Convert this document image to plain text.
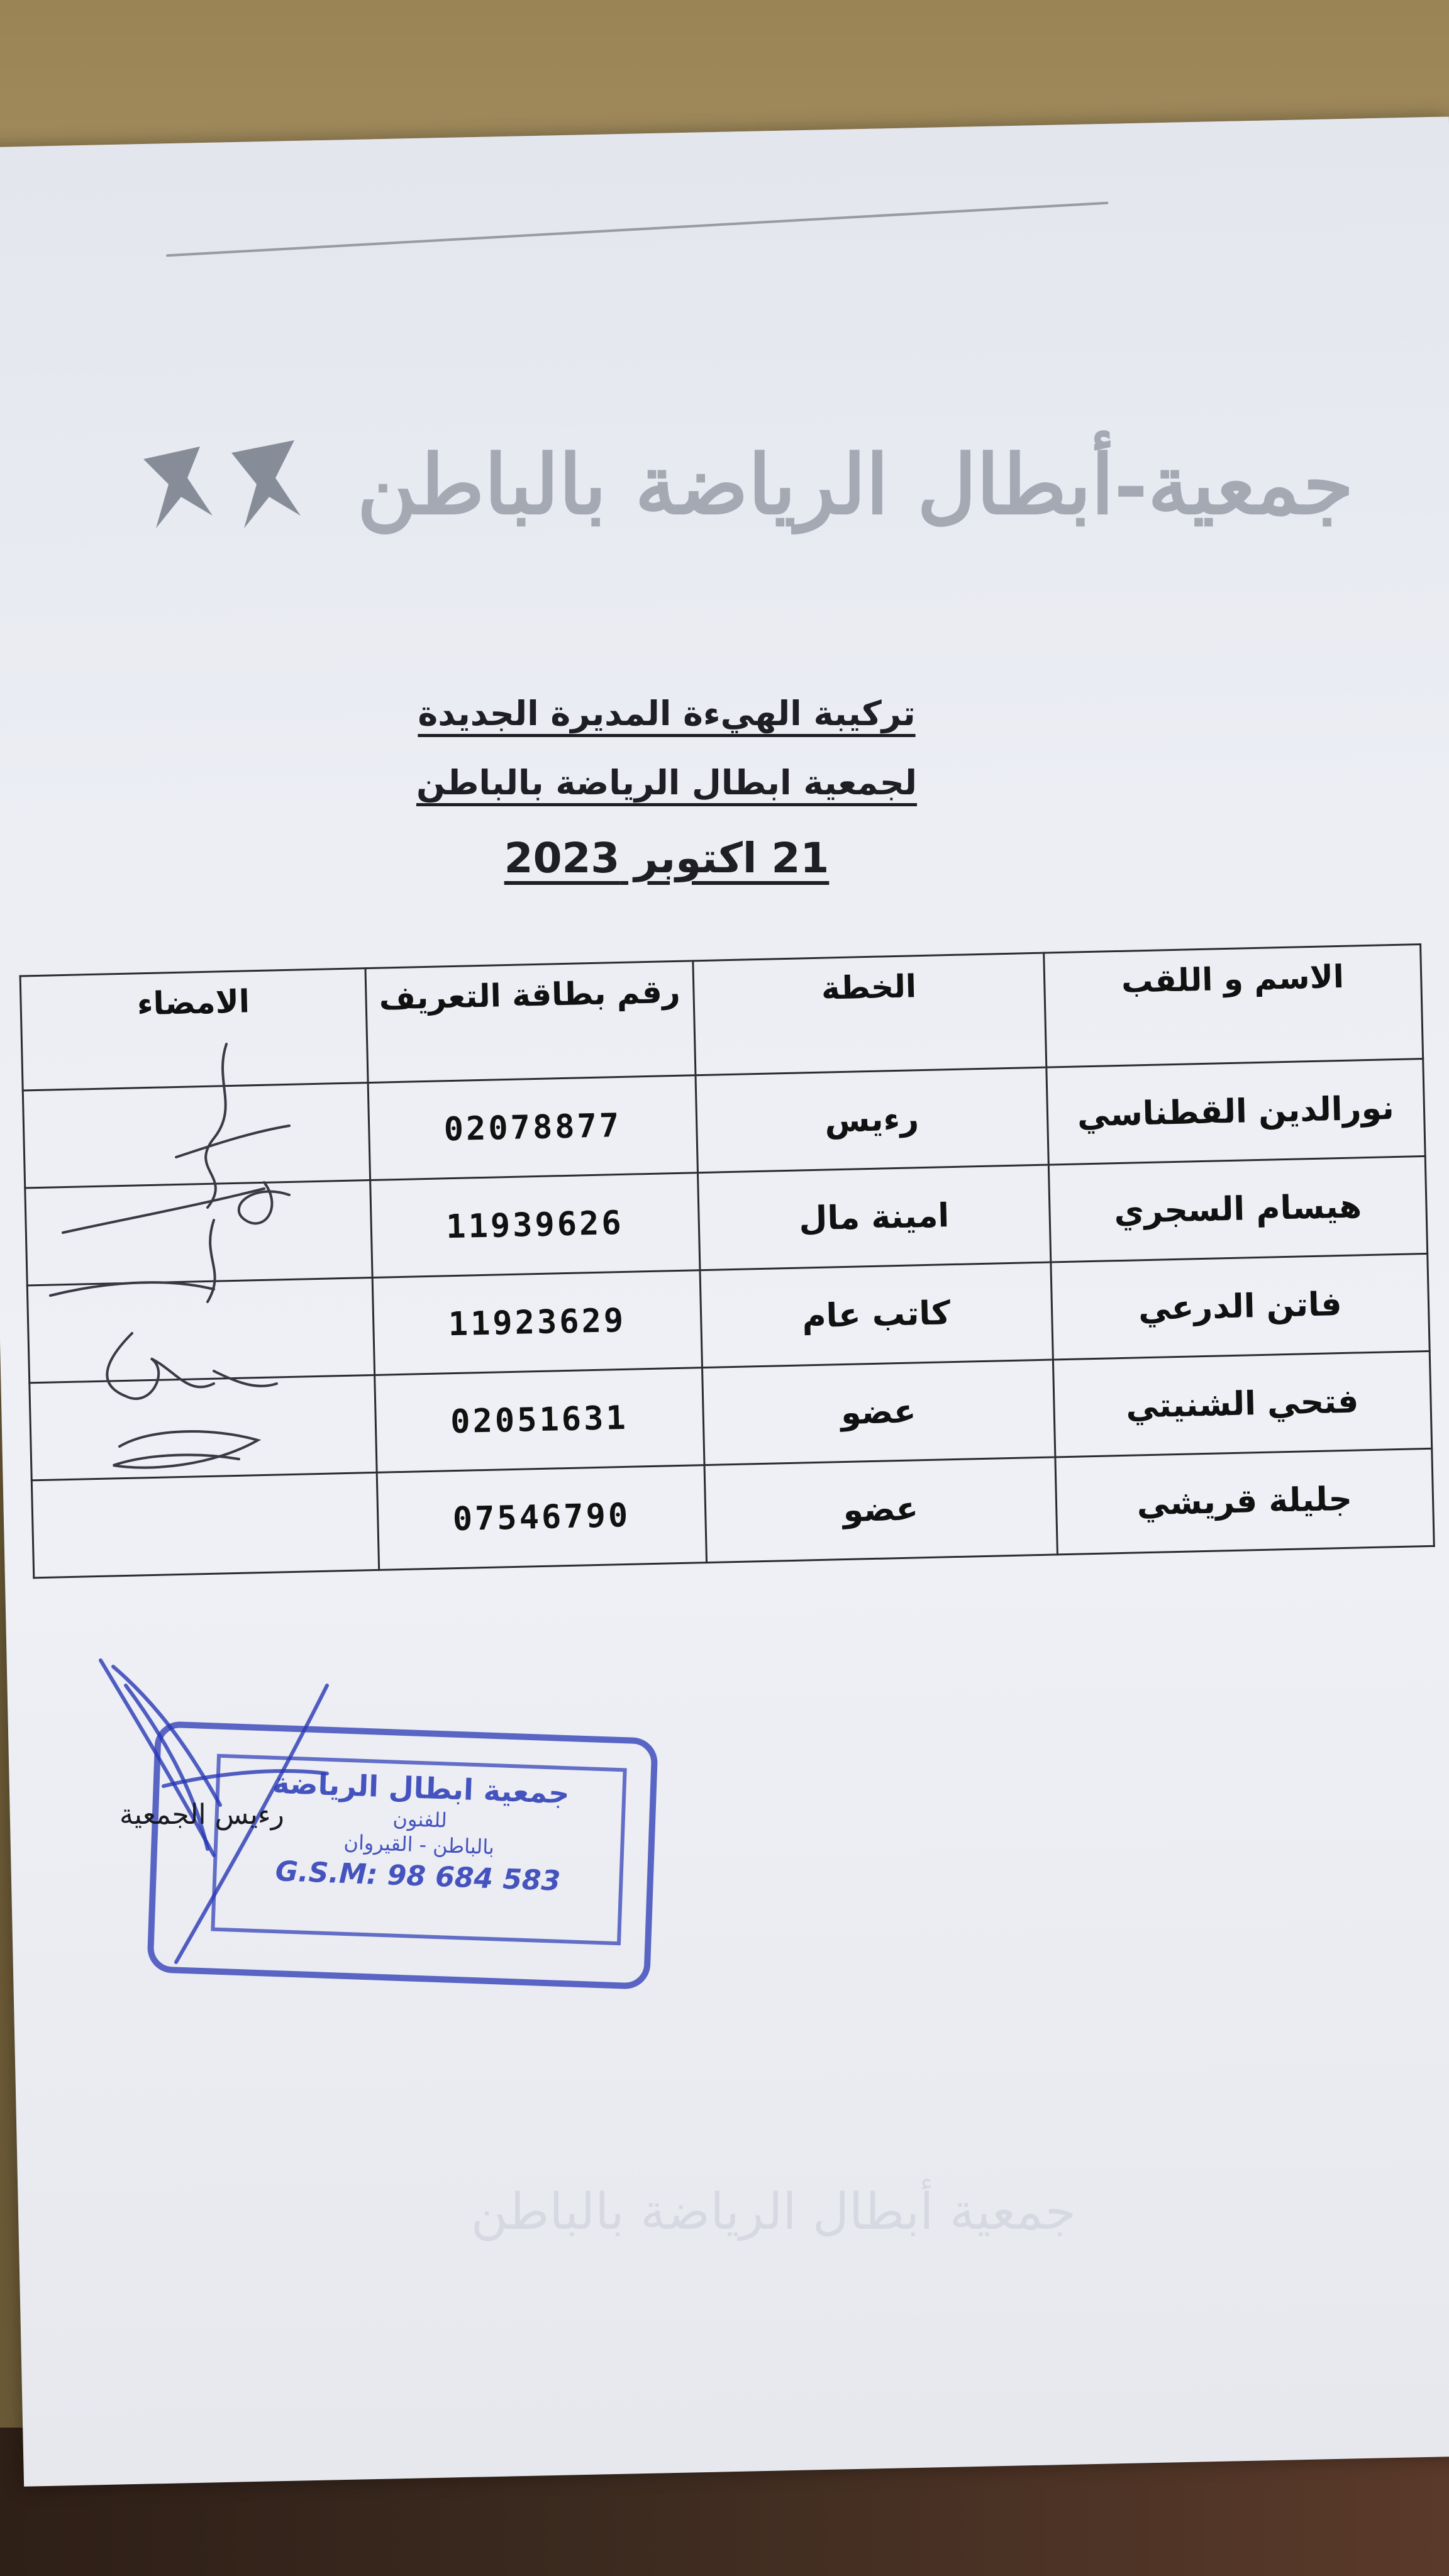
جمعية-أبطال الرياضة بالباطن

تركيبة الهيءة المديرة الجديدة

لجمعية ابطال الرياضة بالباطن

21 اكتوبر 2023

الاسم و اللقب	الخطة	رقم بطاقة التعريف	الامضاء
نورالدين القطناسي	رءيس	02078877	
هيسام السجري	امينة مال	11939626	
فاتن الدرعي	كاتب عام	11923629	
فتحي الشنيتي	عضو	02051631	
جليلة قريشي	عضو	07546790	
جمعية ابطال الرياضة
للفنون
بالباطن - القيروان
G.S.M: 98 684 583
رءيس الجمعية
جمعية أبطال الرياضة بالباطن
